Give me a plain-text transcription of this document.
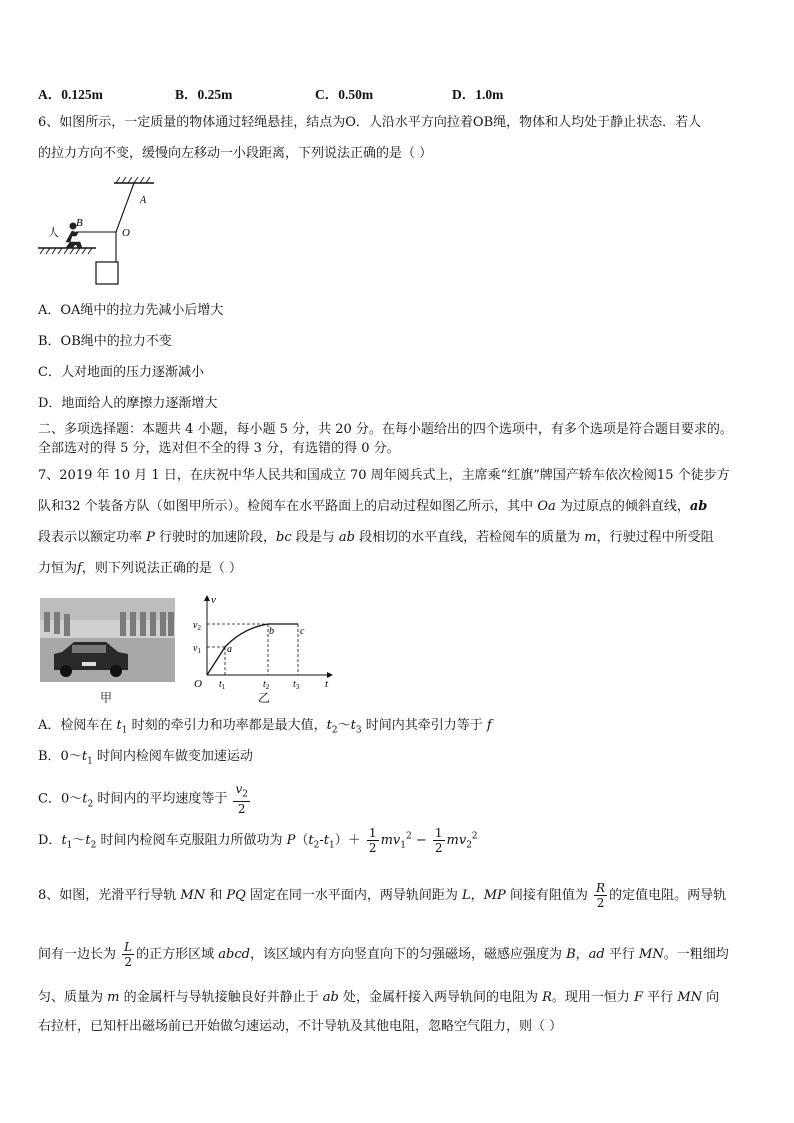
A．0.125m	B．0.25m	C．0.50m	D．1.0m
6、如图所示，一定质量的物体通过轻绳悬挂，结点为O．人沿水平方向拉着OB绳，物体和人均处于静止状态．若人
的拉力方向不变，缓慢向左移动一小段距离，下列说法正确的是（ ）
人
B
A
O
A．OA绳中的拉力先减小后增大
B．OB绳中的拉力不变
C．人对地面的压力逐渐减小
D．地面给人的摩擦力逐渐增大
二、多项选择题：本题共 4 小题，每小题 5 分，共 20 分。在每小题给出的四个选项中，有多个选项是符合题目要求的。
全部选对的得 5 分，选对但不全的得 3 分，有选错的得 0 分。
7、2019 年 10 月 1 日，在庆祝中华人民共和国成立 70 周年阅兵式上，主席乘“红旗”牌国产轿车依次检阅15 个徒步方
队和32 个装备方队（如图甲所示）。检阅车在水平路面上的启动过程如图乙所示，其中 Oa 为过原点的倾斜直线，ab
段表示以额定功率 P 行驶时的加速阶段，bc 段是与 ab 段相切的水平直线，若检阅车的质量为 m，行驶过程中所受阻
力恒为f，则下列说法正确的是（ ）
甲
v
t
O
$v_1$
$v_2$
$t_1$	$t_2$ $t_3$
a
b	c
乙
A．检阅车在 $t_1$ 时刻的牵引力和功率都是最大值，$t_2\sim t_3$ 时间内其牵引力等于 f
B．$0\sim t_1$ 时间内检阅车做变加速运动
C．$0\sim t_2$ 时间内的平均速度等于 $\frac{v_2}{2}$
D．$t_1\sim t_2$ 时间内检阅车克服阻力所做功为 $P(t_2-t_1)+ \frac{1}{2} mv_1^2 - \frac{1}{2} mv_2^2$
8、如图，光滑平行导轨 MN 和 PQ 固定在同一水平面内，两导轨间距为 L，MP 间接有阻值为 $\frac{R}{2}$ 的定值电阻。两导轨
间有一边长为 $\frac{L}{2}$ 的正方形区域 abcd，该区域内有方向竖直向下的匀强磁场，磁感应强度为 B，ad 平行 MN。一粗细均
匀、质量为 m 的金属杆与导轨接触良好并静止于 ab 处，金属杆接入两导轨间的电阻为 R。现用一恒力 F 平行 MN 向
右拉杆，已知杆出磁场前已开始做匀速运动，不计导轨及其他电阻，忽略空气阻力，则（ ）
